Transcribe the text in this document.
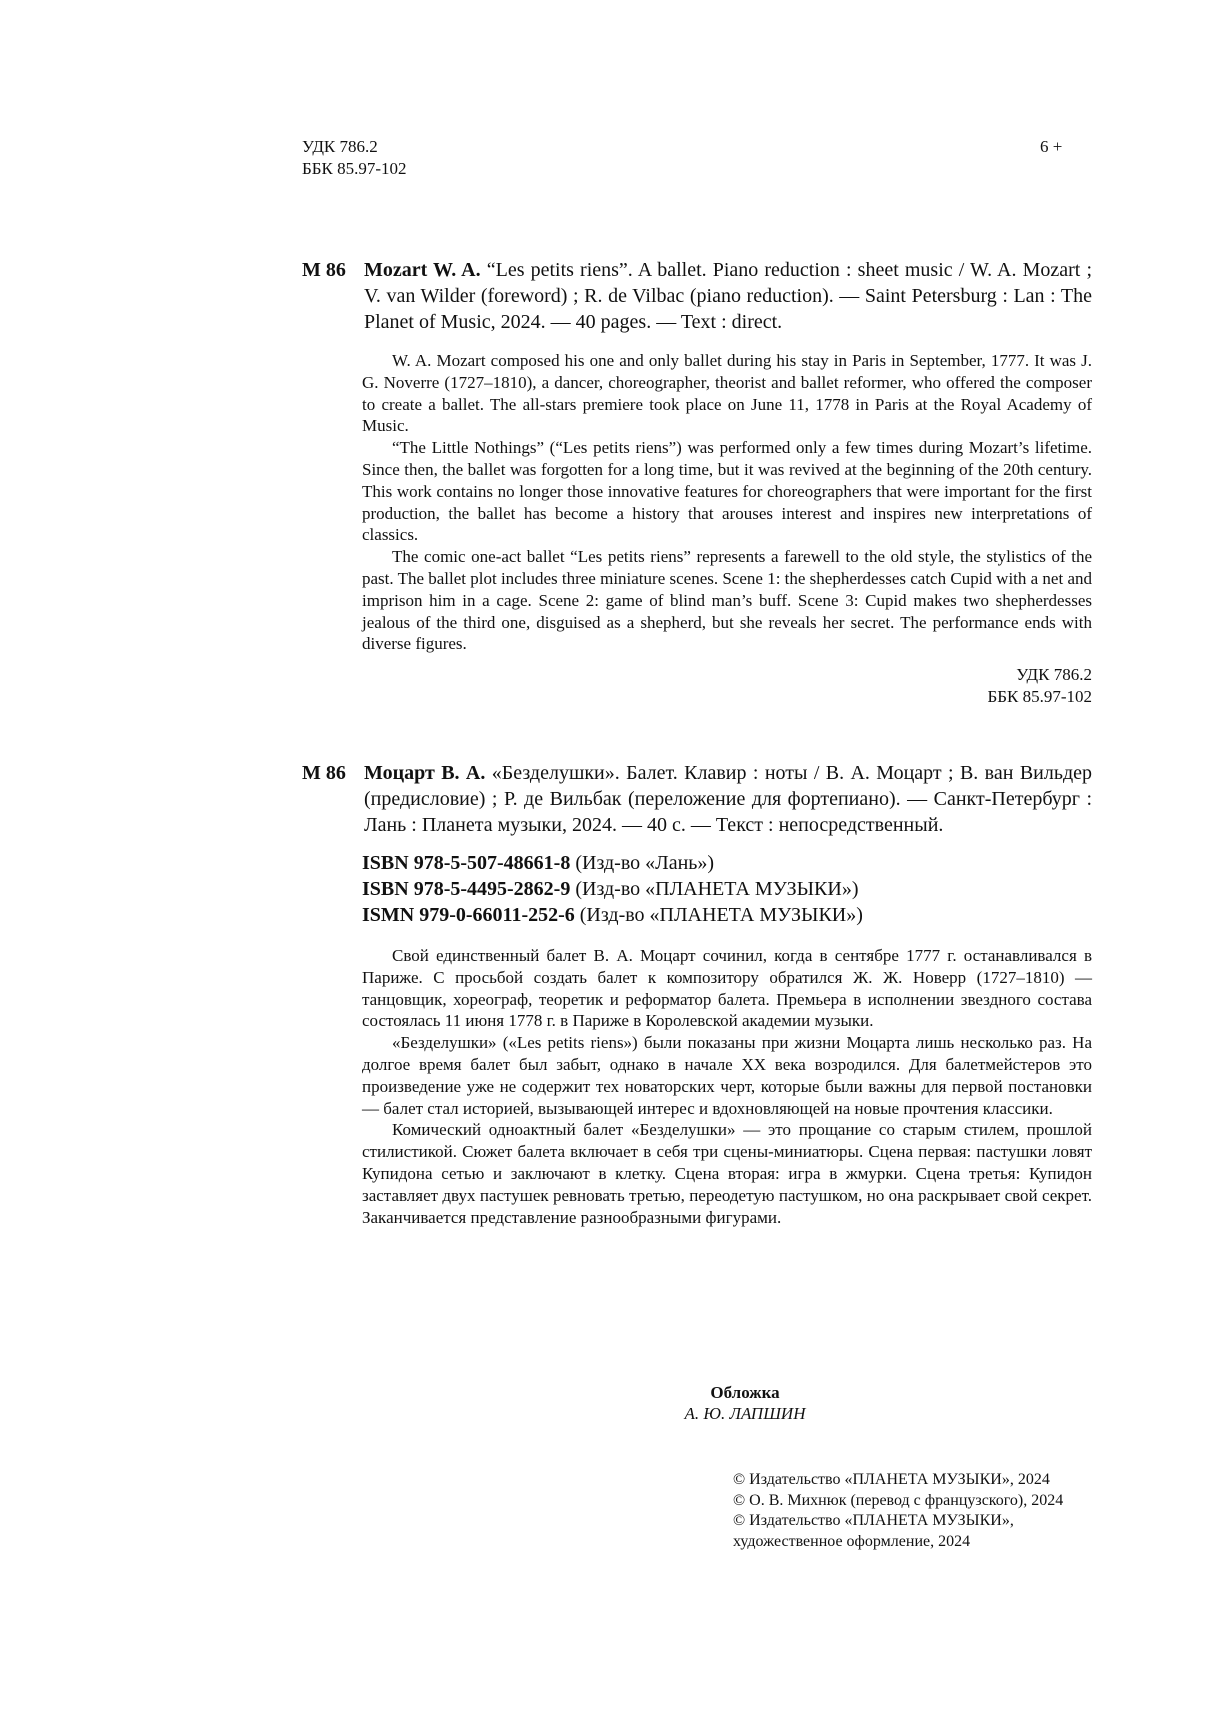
УДК 786.2
ББК 85.97-102
6 +
M 86 Mozart W. A. “Les petits riens”. A ballet. Piano reduction : sheet music / W. A. Mozart ; V. van Wilder (foreword) ; R. de Vilbac (piano reduction). — Saint Petersburg : Lan : The Planet of Music, 2024. — 40 pages. — Text : direct.

W. A. Mozart composed his one and only ballet during his stay in Paris in September, 1777. It was J. G. Noverre (1727–1810), a dancer, choreographer, theorist and ballet reformer, who offered the composer to create a ballet. The all-stars premiere took place on June 11, 1778 in Paris at the Royal Academy of Music.

“The Little Nothings” (“Les petits riens”) was performed only a few times during Mozart’s lifetime. Since then, the ballet was forgotten for a long time, but it was revived at the beginning of the 20th century. This work contains no longer those innovative features for choreographers that were important for the first production, the ballet has become a history that arouses interest and inspires new interpretations of classics.

The comic one-act ballet “Les petits riens” represents a farewell to the old style, the stylistics of the past. The ballet plot includes three miniature scenes. Scene 1: the shepherdesses catch Cupid with a net and imprison him in a cage. Scene 2: game of blind man’s buff. Scene 3: Cupid makes two shepherdesses jealous of the third one, disguised as a shepherd, but she reveals her secret. The performance ends with diverse figures.

УДК 786.2
ББК 85.97-102
М 86 Моцарт В. А. «Безделушки». Балет. Клавир : ноты / В. А. Моцарт ; В. ван Вильдер (предисловие) ; Р. де Вильбак (переложение для фортепиано). — Санкт-Петербург : Лань : Планета музыки, 2024. — 40 с. — Текст : непосредственный.
ISBN 978-5-507-48661-8 (Изд-во «Лань»)
ISBN 978-5-4495-2862-9 (Изд-во «ПЛАНЕТА МУЗЫКИ»)
ISMN 979-0-66011-252-6 (Изд-во «ПЛАНЕТА МУЗЫКИ»)

Свой единственный балет В. А. Моцарт сочинил, когда в сентябре 1777 г. останавливался в Париже. С просьбой создать балет к композитору обратился Ж. Ж. Новерр (1727–1810) — танцовщик, хореограф, теоретик и реформатор балета. Премьера в исполнении звездного состава состоялась 11 июня 1778 г. в Париже в Королевской академии музыки.

«Безделушки» («Les petits riens») были показаны при жизни Моцарта лишь несколько раз. На долгое время балет был забыт, однако в начале XX века возродился. Для балетмейстеров это произведение уже не содержит тех новаторских черт, которые были важны для первой постановки — балет стал историей, вызывающей интерес и вдохновляющей на новые прочтения классики.

Комический одноактный балет «Безделушки» — это прощание со старым стилем, прошлой стилистикой. Сюжет балета включает в себя три сцены-миниатюры. Сцена первая: пастушки ловят Купидона сетью и заключают в клетку. Сцена вторая: игра в жмурки. Сцена третья: Купидон заставляет двух пастушек ревновать третью, переодетую пастушком, но она раскрывает свой секрет. Заканчивается представление разнообразными фигурами.

Обложка
А. Ю. ЛАПШИН
© Издательство «ПЛАНЕТА МУЗЫКИ», 2024
© О. В. Михнюк (перевод с французского), 2024
© Издательство «ПЛАНЕТА МУЗЫКИ»,
художественное оформление, 2024
